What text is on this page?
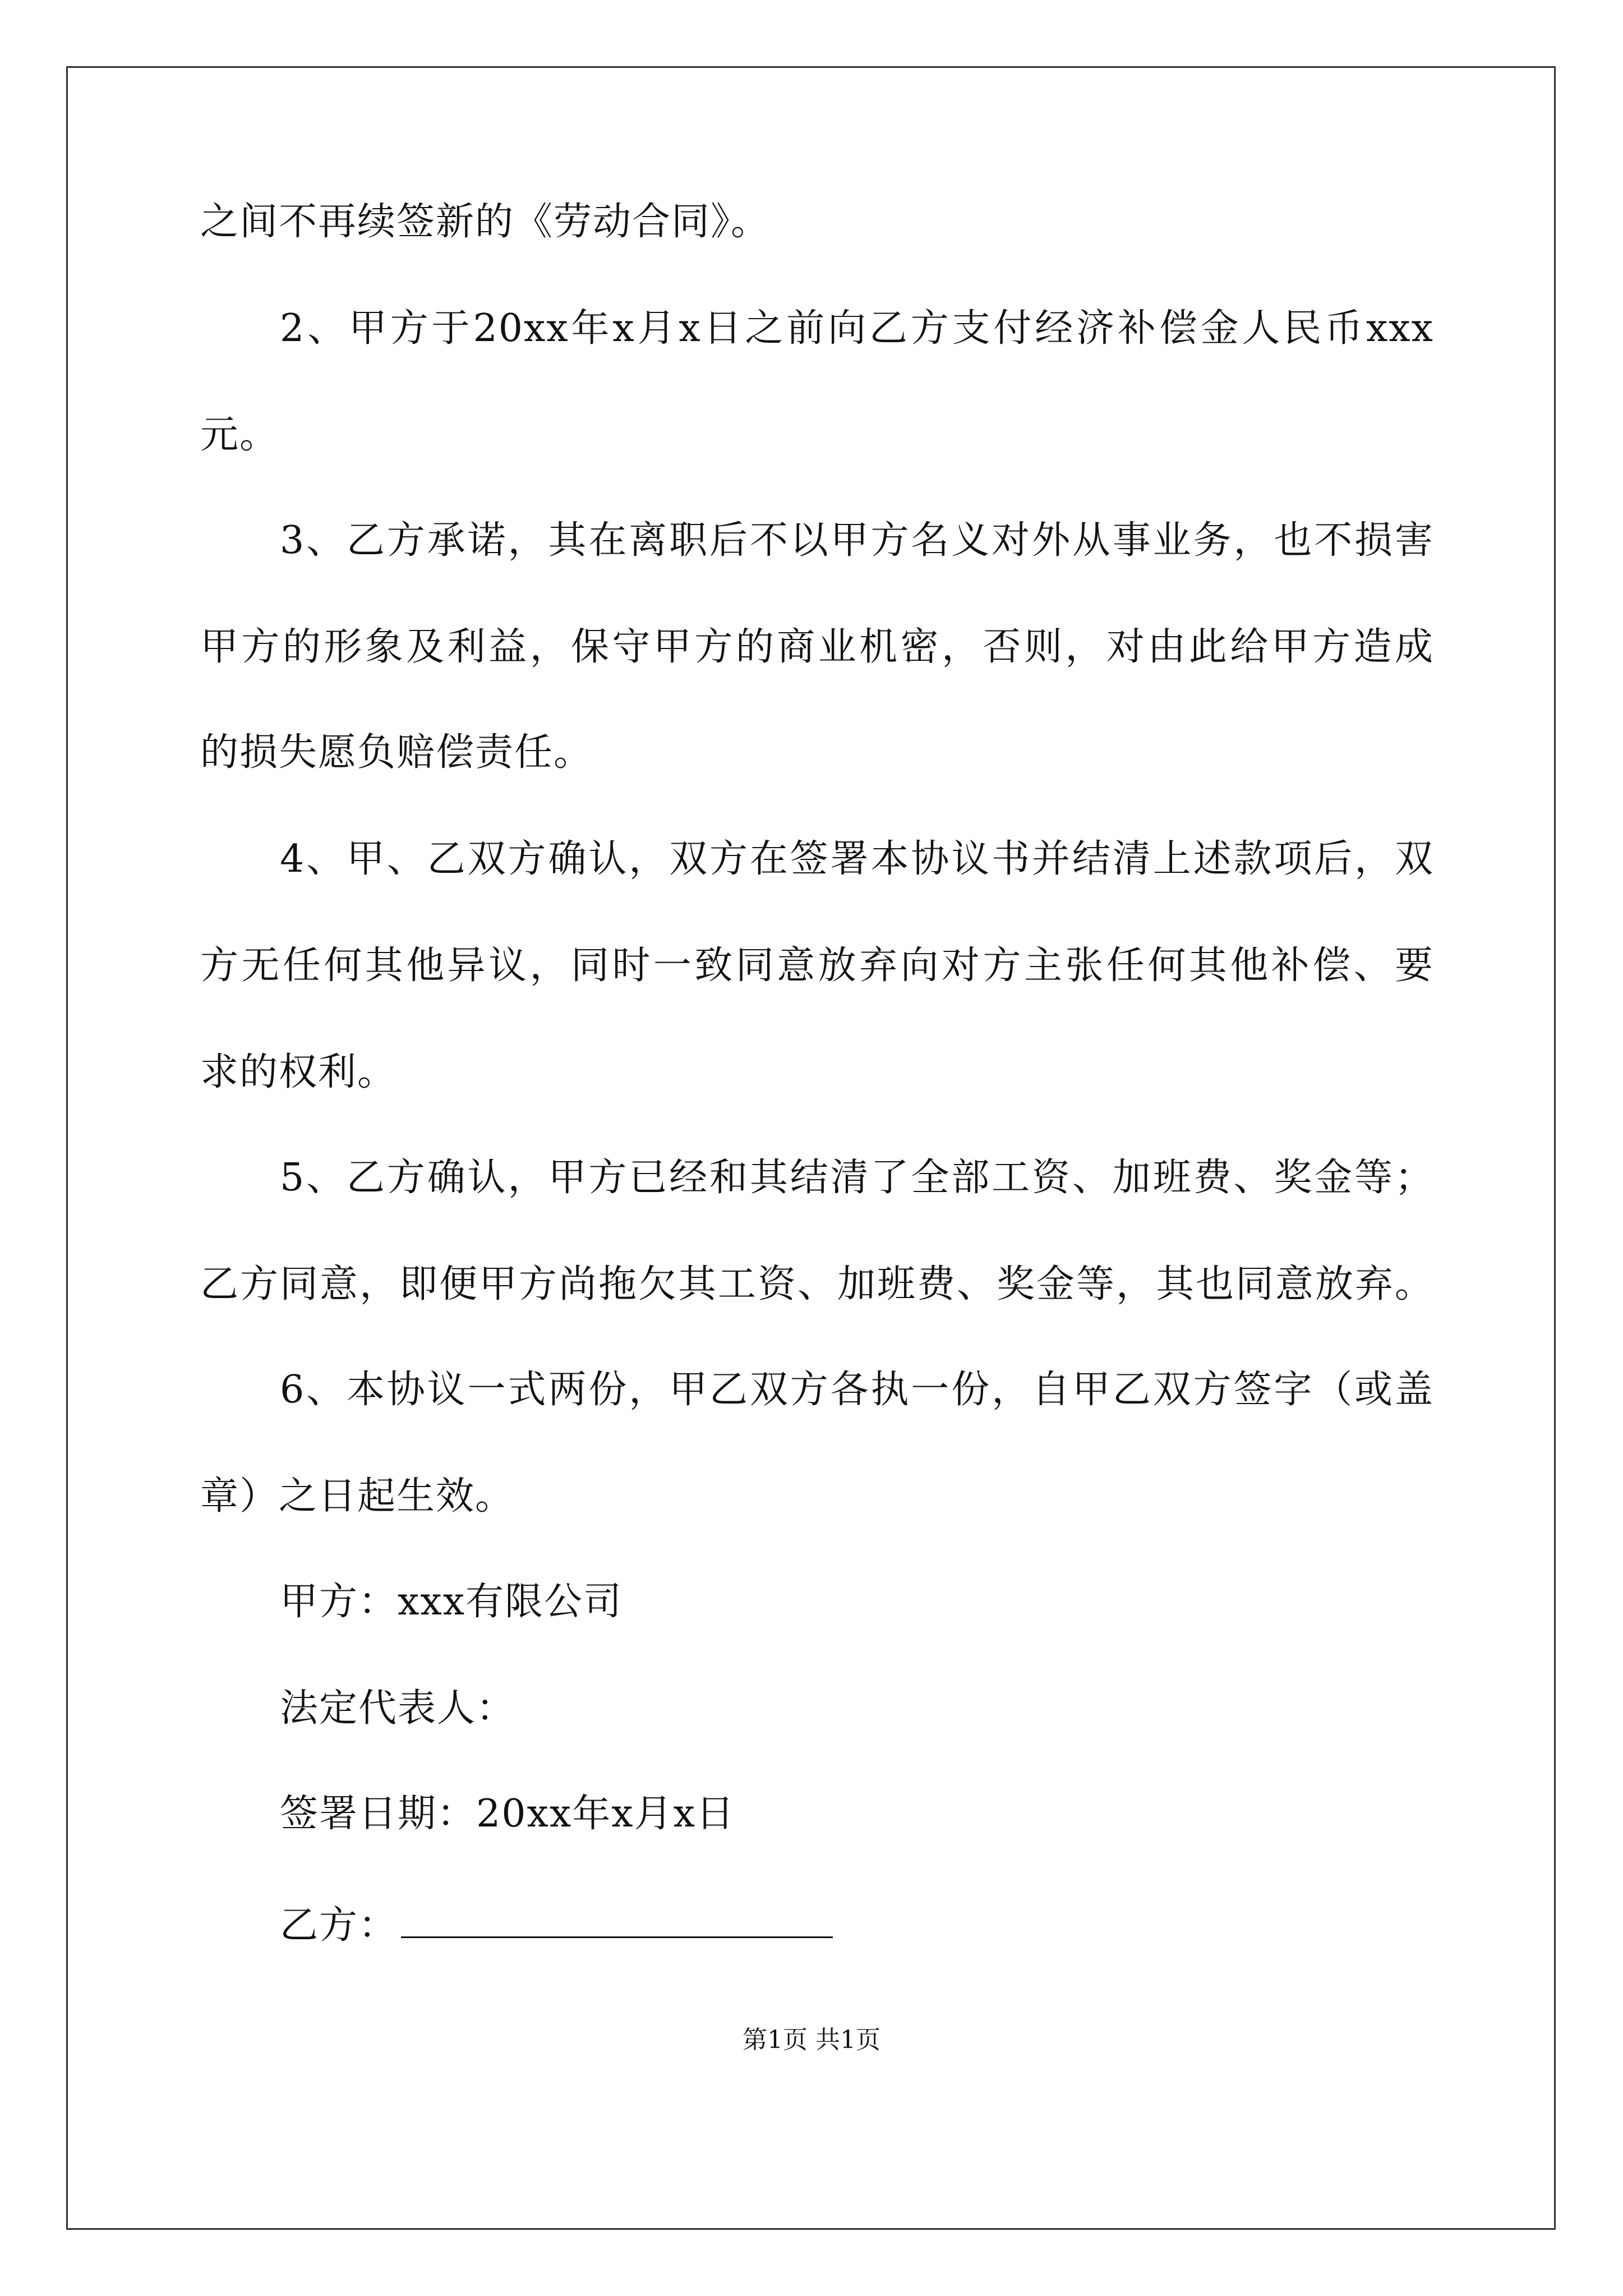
之间不再续签新的《劳动合同》。
2、甲方于20xx年x月x日之前向乙方支付经济补偿金人民币xxx
元。
3、乙方承诺，其在离职后不以甲方名义对外从事业务，也不损害
甲方的形象及利益，保守甲方的商业机密，否则，对由此给甲方造成
的损失愿负赔偿责任。
4、甲、乙双方确认，双方在签署本协议书并结清上述款项后，双
方无任何其他异议，同时一致同意放弃向对方主张任何其他补偿、要
求的权利。
5、乙方确认，甲方已经和其结清了全部工资、加班费、奖金等；
乙方同意，即便甲方尚拖欠其工资、加班费、奖金等，其也同意放弃。
6、本协议一式两份，甲乙双方各执一份，自甲乙双方签字（或盖
章）之日起生效。
甲方：xxx有限公司
法定代表人：
签署日期：20xx年x月x日
乙方：
第1页 共1页
